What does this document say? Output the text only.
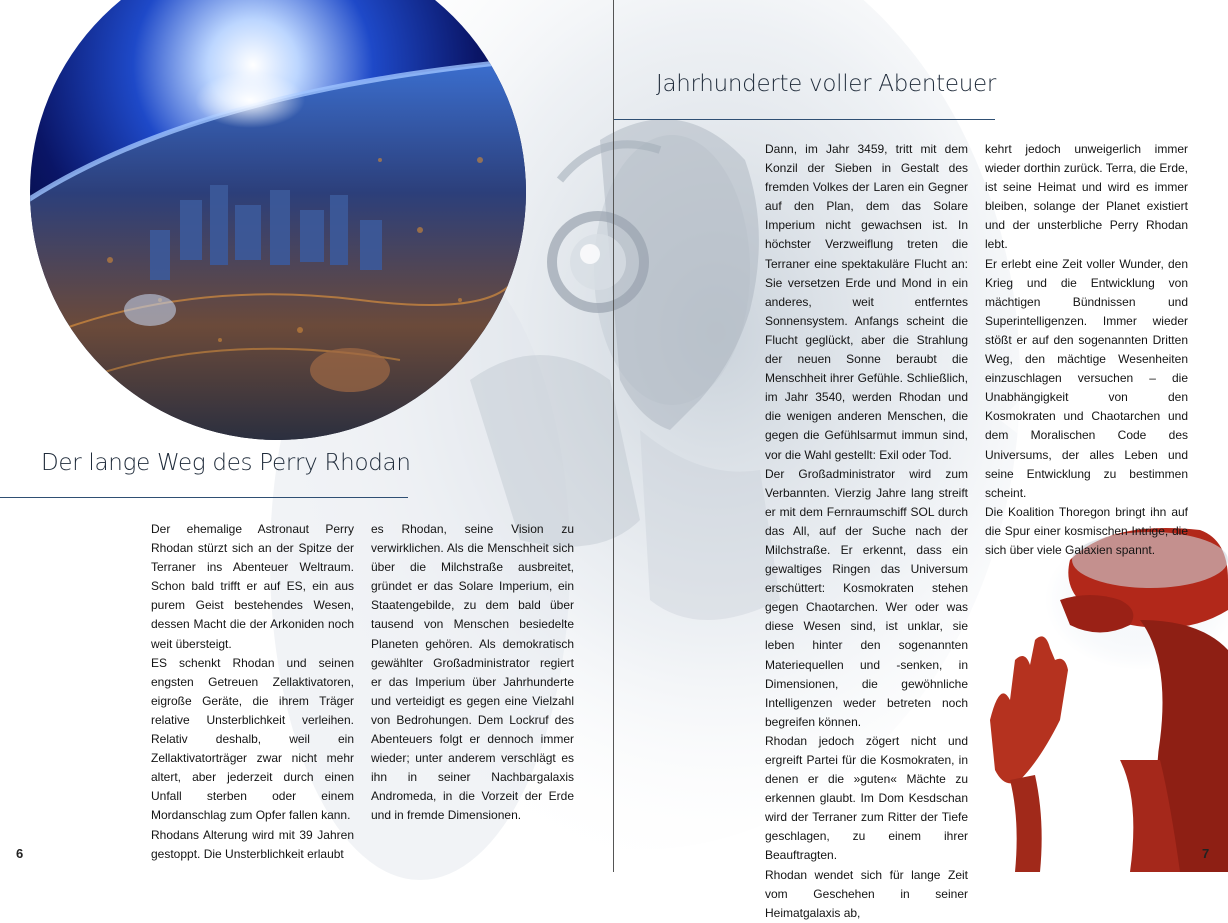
Der lange Weg des Perry Rhodan

Der ehemalige Astronaut Perry Rhodan stürzt sich an der Spitze der Terraner ins Abenteuer Weltraum. Schon bald trifft er auf ES, ein aus purem Geist bestehendes Wesen, dessen Macht die der Arkoniden noch weit übersteigt.

ES schenkt Rhodan und seinen engsten Getreuen Zellaktivatoren, eigroße Geräte, die ihrem Träger relative Unsterblichkeit verleihen. Relativ deshalb, weil ein Zellaktivatorträger zwar nicht mehr altert, aber jederzeit durch einen Unfall sterben oder einem Mordanschlag zum Opfer fallen kann.

Rhodans Alterung wird mit 39 Jahren gestoppt. Die Unsterblichkeit erlaubt

es Rhodan, seine Vision zu verwirklichen. Als die Menschheit sich über die Milchstraße ausbreitet, gründet er das Solare Imperium, ein Staatengebilde, zu dem bald über tausend von Menschen besiedelte Planeten gehören. Als demokratisch gewählter Großadministrator regiert er das Imperium über Jahrhunderte und verteidigt es gegen eine Vielzahl von Bedrohungen. Dem Lockruf des Abenteuers folgt er dennoch immer wieder; unter anderem verschlägt es ihn in seiner Nachbargalaxis Andromeda, in die Vorzeit der Erde und in fremde Dimensionen.

6
Jahrhunderte voller Abenteuer

Dann, im Jahr 3459, tritt mit dem Konzil der Sieben in Gestalt des fremden Volkes der Laren ein Gegner auf den Plan, dem das Solare Imperium nicht gewachsen ist. In höchster Verzweiflung treten die Terraner eine spektakuläre Flucht an: Sie versetzen Erde und Mond in ein anderes, weit entferntes Sonnensystem. Anfangs scheint die Flucht geglückt, aber die Strahlung der neuen Sonne beraubt die Menschheit ihrer Gefühle. Schließlich, im Jahr 3540, werden Rhodan und die wenigen anderen Menschen, die gegen die Gefühlsarmut immun sind, vor die Wahl gestellt: Exil oder Tod.

Der Großadministrator wird zum Verbannten. Vierzig Jahre lang streift er mit dem Fernraumschiff SOL durch das All, auf der Suche nach der Milchstraße. Er erkennt, dass ein gewaltiges Ringen das Universum erschüttert: Kosmokraten stehen gegen Chaotarchen. Wer oder was diese Wesen sind, ist unklar, sie leben hinter den sogenannten Materiequellen und -senken, in Dimensionen, die gewöhnliche Intelligenzen weder betreten noch begreifen können.

Rhodan jedoch zögert nicht und ergreift Partei für die Kosmokraten, in denen er die »guten« Mächte zu erkennen glaubt. Im Dom Kesdschan wird der Terraner zum Ritter der Tiefe geschlagen, zu einem ihrer Beauftragten.

Rhodan wendet sich für lange Zeit vom Geschehen in seiner Heimatgalaxis ab,

kehrt jedoch unweigerlich immer wieder dorthin zurück. Terra, die Erde, ist seine Heimat und wird es immer bleiben, solange der Planet existiert und der unsterbliche Perry Rhodan lebt.

Er erlebt eine Zeit voller Wunder, den Krieg und die Entwicklung von mächtigen Bündnissen und Superintelligenzen. Immer wieder stößt er auf den sogenannten Dritten Weg, den mächtige Wesenheiten einzuschlagen versuchen – die Unabhängigkeit von den Kosmokraten und Chaotarchen und dem Moralischen Code des Universums, der alles Leben und seine Entwicklung zu bestimmen scheint.

Die Koalition Thoregon bringt ihn auf die Spur einer kosmischen Intrige, die sich über viele Galaxien spannt.

7
